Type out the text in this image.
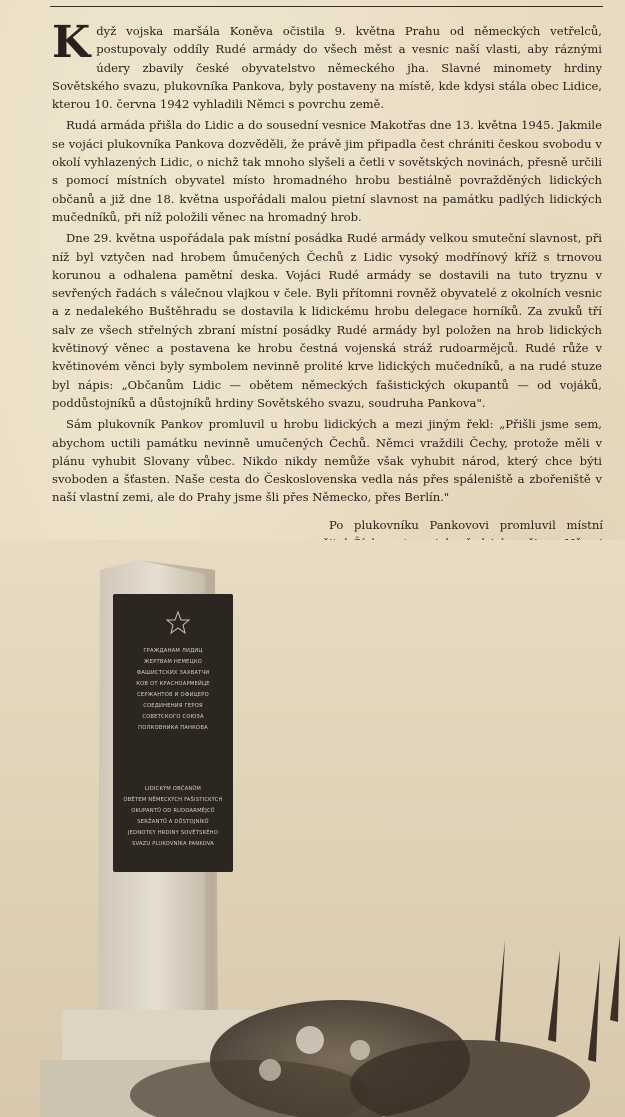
Když vojska maršála Koněva očistila 9. května Prahu od německých vetřelců, postupovaly oddíly Rudé armády do všech měst a vesnic naší vlasti, aby ráznými údery zbavily české obyvatelstvo německého jha. Slavné minomety hrdiny Sovětského svazu, plukovníka Pankova, byly postaveny na místě, kde kdysi stála obec Lidice, kterou 10. června 1942 vyhladili Němci s povrchu země.

Rudá armáda přišla do Lidic a do sousední vesnice Makotřas dne 13. května 1945. Jakmile se vojáci plukovníka Pankova dozvěděli, že právě jim připadla čest chrániti českou svobodu v okolí vyhlazených Lidic, o nichž tak mnoho slyšeli a četli v sovětských novinách, přesně určili s pomocí místních obyvatel místo hromadného hrobu bestiálně povražděných lidických občanů a již dne 18. května uspořádali malou pietní slavnost na památku padlých lidických mučedníků, při níž položili věnec na hromadný hrob.

Dne 29. května uspořádala pak místní posádka Rudé armády velkou smuteční slavnost, při níž byl vztyčen nad hrobem ůmučených Čechů z Lidic vysoký modřínový kříž s trnovou korunou a odhalena pamětní deska. Vojáci Rudé armády se dostavili na tuto tryznu v sevřených řadách s válečnou vlajkou v čele. Byli přítomni rovněž obyvatelé z okolních vesnic a z nedalekého Buštěhradu se dostavila k lidickému hrobu delegace horníků. Za zvuků tří salv ze všech střelných zbraní místní posádky Rudé armády byl položen na hrob lidických květinový věnec a postavena ke hrobu čestná vojenská stráž rudoarmějců. Rudé růže v květinovém věnci byly symbolem nevinně prolité krve lidických mučedníků, a na rudé stuze byl nápis: „Občanům Lidic — obětem německých fašistických okupantů — od vojáků, poddůstojníků a důstojníků hrdiny Sovětského svazu, soudruha Pankova".

Sám plukovník Pankov promluvil u hrobu lidických a mezi jiným řekl: „Přišli jsme sem, abychom uctili památku nevinně umučených Čechů. Němci vraždili Čechy, protože měli v plánu vyhubit Slovany vůbec. Nikdo nikdy nemůže však vyhubit národ, který chce býti svoboden a šťasten. Naše cesta do Československa vedla nás přes spáleniště a zbořeniště v naší vlastní zemi, ale do Prahy jsme šli přes Německo, přes Berlín."

Po plukovníku Pankovovi promluvil místní

ГРАЖДАНАМ ЛИДИЦ
ЖЕРТВАМ НЕМЕЦКО
ФАШИСТСКИХ ЗАХВАТЧИ
КОВ ОТ КРАСНОАРМЕЙЦЕ
СЕРЖАНТОВ И ОФИЦЕРО
СОЕДИНЕНИЯ ГЕРОЯ
СОВЕТСКОГО СОЮЗА
ПОЛКОВНИКА ПАНКОВА
LIDICKÝM OBČANŮM
OBĚTEM NĚMECKÝCH FAŠISTICKÝCH
OKUPANTŮ OD RUDOARMĚJCŮ
SERŽANTŮ A DŮSTOJNÍKŮ
JEDNOTKY HRDINY SOVĚTSKÉHO
SVAZU PLUKOVNÍKA PANKOVA
